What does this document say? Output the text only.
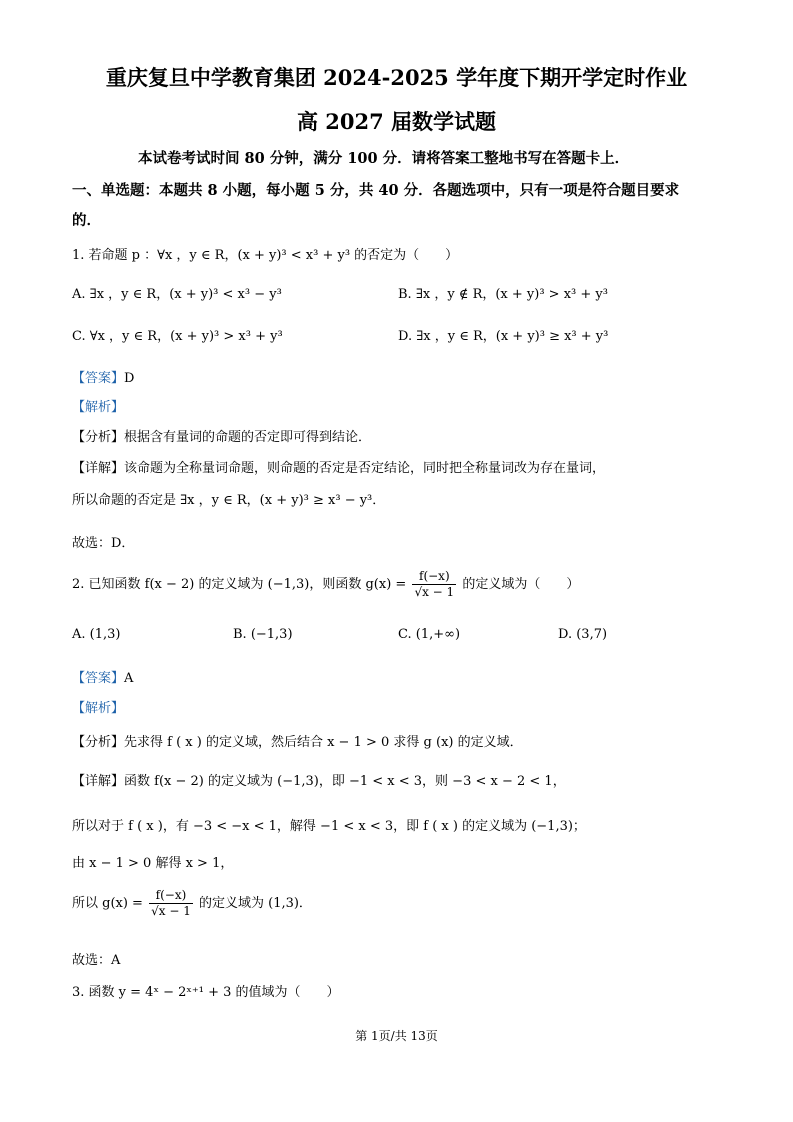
重庆复旦中学教育集团 2024-2025 学年度下期开学定时作业
高 2027 届数学试题
本试卷考试时间 80 分钟，满分 100 分．请将答案工整地书写在答题卡上．
一、单选题：本题共 8 小题，每小题 5 分，共 40 分．各题选项中，只有一项是符合题目要求
的．
1. 若命题 p ：∀x ，y ∈ R，(x + y)³ < x³ + y³ 的否定为（　　）
A. ∃x ，y ∈ R，(x + y)³ < x³ − y³	B. ∃x ，y ∉ R，(x + y)³ > x³ + y³
C. ∀x ，y ∈ R，(x + y)³ > x³ + y³	D. ∃x ，y ∈ R，(x + y)³ ≥ x³ + y³
【答案】D
【解析】
【分析】根据含有量词的命题的否定即可得到结论．
【详解】该命题为全称量词命题，则命题的否定是否定结论，同时把全称量词改为存在量词，
所以命题的否定是 ∃x ，y ∈ R，(x + y)³ ≥ x³ − y³．
故选：D．
2. 已知函数 f(x − 2) 的定义域为 (−1,3)，则函数 $g(x) = \frac{f(-x)}{√x - 1}$ 的定义域为（　　）
A. (1,3)	B. (−1,3)	C. (1,+∞)	D. (3,7)
【答案】A
【解析】
【分析】先求得 f ( x ) 的定义域，然后结合 x − 1 > 0 求得 g (x) 的定义域．
【详解】函数 f(x − 2) 的定义域为 (−1,3)，即 −1 < x < 3，则 −3 < x − 2 < 1，
所以对于 f ( x )，有 −3 < −x < 1，解得 −1 < x < 3，即 f ( x ) 的定义域为 (−1,3)；
由 x − 1 > 0 解得 x > 1，
所以 $g(x) = \frac{f(-x)}{√x - 1}$ 的定义域为 (1,3)．
故选：A
3. 函数 y = 4ˣ − 2ˣ⁺¹ + 3 的值域为（　　）
第 1页/共 13页
